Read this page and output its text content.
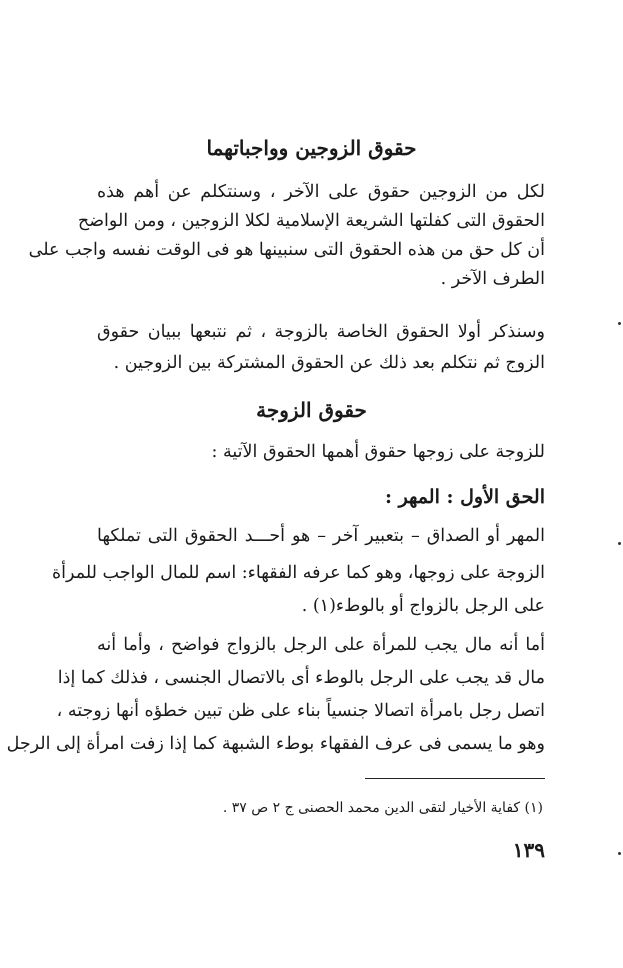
حقوق الزوجين وواجباتهما
لكل من الزوجين حقوق على الآخر ، وسنتكلم عن أهم هذه
الحقوق التى كفلتها الشريعة الإسلامية لكلا الزوجين ، ومن الواضح
أن كل حق من هذه الحقوق التى سنبينها هو فى الوقت نفسه واجب على
الطرف الآخر .
وسنذكر أولا الحقوق الخاصة بالزوجة ، ثم نتبعها ببيان حقوق
الزوج ثم نتكلم بعد ذلك عن الحقوق المشتركة بين الزوجين .
حقوق الزوجة
للزوجة على زوجها حقوق أهمها الحقوق الآتية :
الحق الأول : المهر :
المهر أو الصداق – بتعبير آخر – هو أحـــد الحقوق التى تملكها
الزوجة على زوجها، وهو كما عرفه الفقهاء: اسم للمال الواجب للمرأة
على الرجل بالزواج أو بالوطء(١) .
أما أنه مال يجب للمرأة على الرجل بالزواج فواضح ، وأما أنه
مال قد يجب على الرجل بالوطء أى بالاتصال الجنسى ، فذلك كما إذا
اتصل رجل بامرأة اتصالا جنسياً بناء على ظن تبين خطؤه أنها زوجته ،
وهو ما يسمى فى عرف الفقهاء بوطء الشبهة كما إذا زفت امرأة إلى الرجل
(١) كفاية الأخيار لتقى الدين محمد الحصنى ج ٢ ص ٣٧ .
١٣٩
